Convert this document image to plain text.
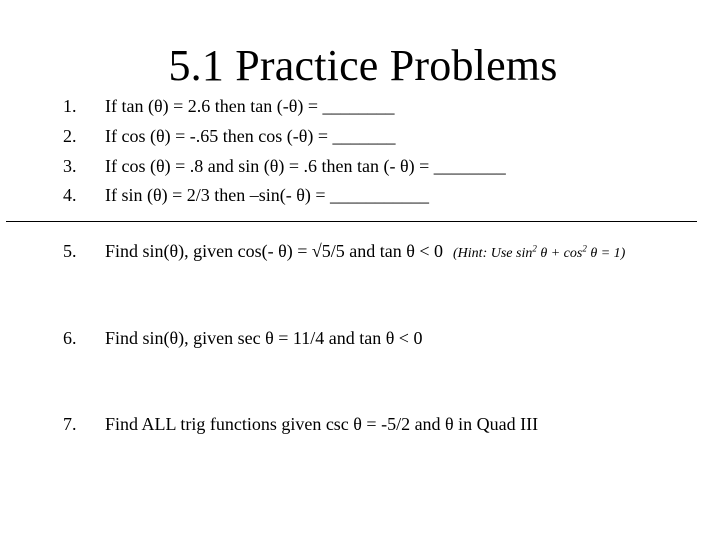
5.1 Practice Problems
1. If tan (θ) = 2.6 then tan (-θ) = ________
2. If cos (θ) = -.65 then cos (-θ) = _______
3. If cos (θ) = .8 and sin (θ) = .6 then tan (- θ) = ________
4. If sin (θ) = 2/3 then –sin(- θ) = ___________
5. Find sin(θ), given cos(- θ) = √5/5 and tan θ < 0 (Hint: Use $\sin^2 \theta + \cos^2 \theta = 1$)
6. Find sin(θ), given sec θ = 11/4 and tan θ < 0
7. Find ALL trig functions given csc θ = -5/2 and θ in Quad III
